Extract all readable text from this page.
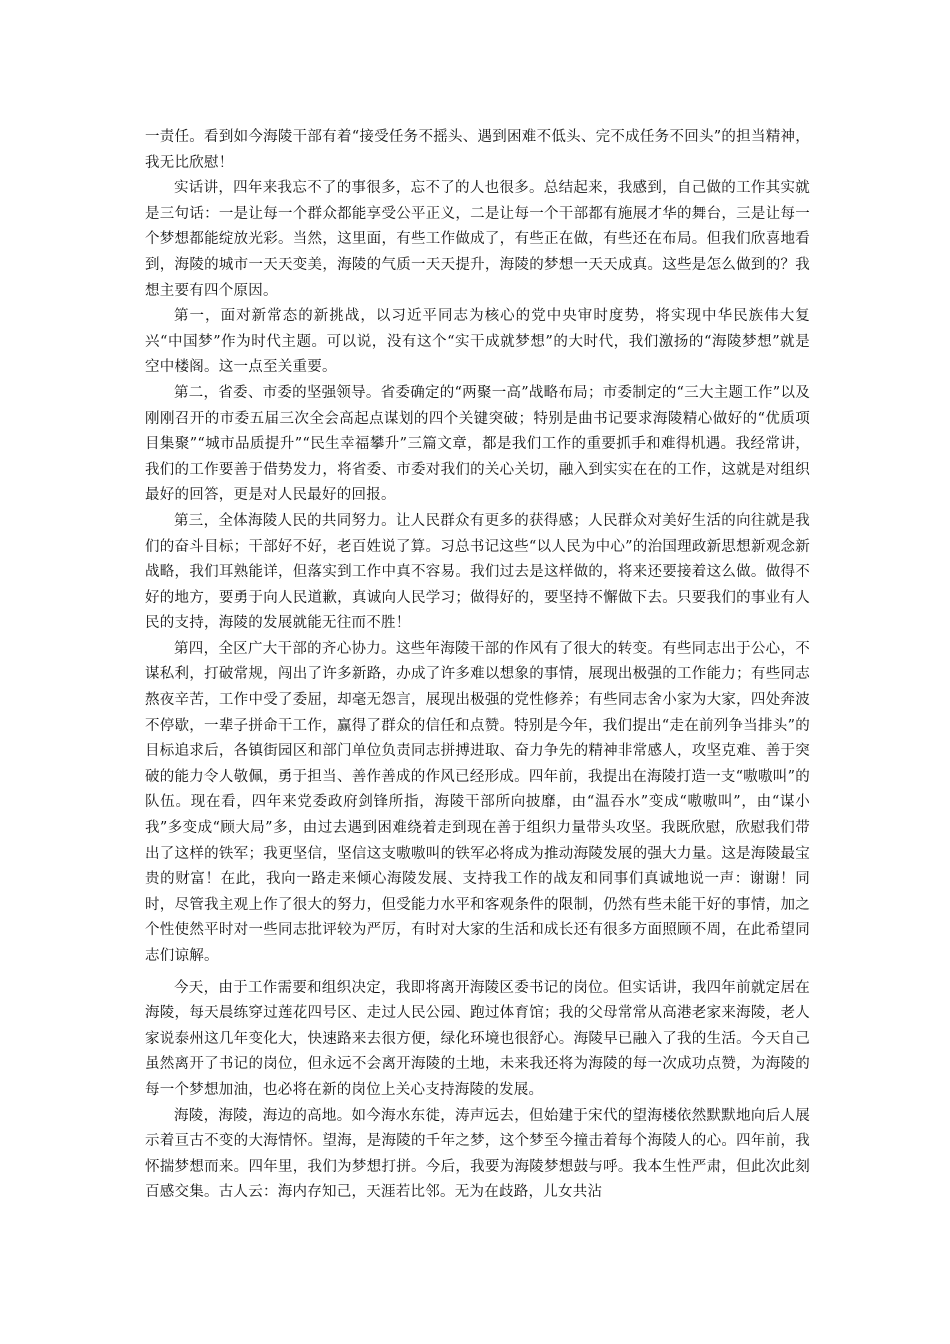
一责任。看到如今海陵干部有着“接受任务不摇头、遇到困难不低头、完不成任务不回头”的担当精神，我无比欣慰！

实话讲，四年来我忘不了的事很多，忘不了的人也很多。总结起来，我感到，自己做的工作其实就是三句话：一是让每一个群众都能享受公平正义，二是让每一个干部都有施展才华的舞台，三是让每一个梦想都能绽放光彩。当然，这里面，有些工作做成了，有些正在做，有些还在布局。但我们欣喜地看到，海陵的城市一天天变美，海陵的气质一天天提升，海陵的梦想一天天成真。这些是怎么做到的？我想主要有四个原因。

第一，面对新常态的新挑战，以习近平同志为核心的党中央审时度势，将实现中华民族伟大复兴“中国梦”作为时代主题。可以说，没有这个“实干成就梦想”的大时代，我们激扬的“海陵梦想”就是空中楼阁。这一点至关重要。

第二，省委、市委的坚强领导。省委确定的“两聚一高”战略布局；市委制定的“三大主题工作”以及刚刚召开的市委五届三次全会高起点谋划的四个关键突破；特别是曲书记要求海陵精心做好的“优质项目集聚”“城市品质提升”“民生幸福攀升”三篇文章，都是我们工作的重要抓手和难得机遇。我经常讲，我们的工作要善于借势发力，将省委、市委对我们的关心关切，融入到实实在在的工作，这就是对组织最好的回答，更是对人民最好的回报。

第三，全体海陵人民的共同努力。让人民群众有更多的获得感；人民群众对美好生活的向往就是我们的奋斗目标；干部好不好，老百姓说了算。习总书记这些“以人民为中心”的治国理政新思想新观念新战略，我们耳熟能详，但落实到工作中真不容易。我们过去是这样做的，将来还要接着这么做。做得不好的地方，要勇于向人民道歉，真诚向人民学习；做得好的，要坚持不懈做下去。只要我们的事业有人民的支持，海陵的发展就能无往而不胜！

第四，全区广大干部的齐心协力。这些年海陵干部的作风有了很大的转变。有些同志出于公心，不谋私利，打破常规，闯出了许多新路，办成了许多难以想象的事情，展现出极强的工作能力；有些同志熬夜辛苦，工作中受了委屈，却毫无怨言，展现出极强的党性修养；有些同志舍小家为大家，四处奔波不停歇，一辈子拼命干工作，赢得了群众的信任和点赞。特别是今年，我们提出“走在前列争当排头”的目标追求后，各镇街园区和部门单位负责同志拼搏进取、奋力争先的精神非常感人，攻坚克难、善于突破的能力令人敬佩，勇于担当、善作善成的作风已经形成。四年前，我提出在海陵打造一支“嗷嗷叫”的队伍。现在看，四年来党委政府剑锋所指，海陵干部所向披靡，由“温吞水”变成“嗷嗷叫”，由“谋小我”多变成“顾大局”多，由过去遇到困难绕着走到现在善于组织力量带头攻坚。我既欣慰，欣慰我们带出了这样的铁军；我更坚信，坚信这支嗷嗷叫的铁军必将成为推动海陵发展的强大力量。这是海陵最宝贵的财富！在此，我向一路走来倾心海陵发展、支持我工作的战友和同事们真诚地说一声：谢谢！同时，尽管我主观上作了很大的努力，但受能力水平和客观条件的限制，仍然有些未能干好的事情，加之个性使然平时对一些同志批评较为严厉，有时对大家的生活和成长还有很多方面照顾不周，在此希望同志们谅解。

今天，由于工作需要和组织决定，我即将离开海陵区委书记的岗位。但实话讲，我四年前就定居在海陵，每天晨练穿过莲花四号区、走过人民公园、跑过体育馆；我的父母常常从高港老家来海陵，老人家说泰州这几年变化大，快速路来去很方便，绿化环境也很舒心。海陵早已融入了我的生活。今天自己虽然离开了书记的岗位，但永远不会离开海陵的土地，未来我还将为海陵的每一次成功点赞，为海陵的每一个梦想加油，也必将在新的岗位上关心支持海陵的发展。

海陵，海陵，海边的高地。如今海水东徙，涛声远去，但始建于宋代的望海楼依然默默地向后人展示着亘古不变的大海情怀。望海，是海陵的千年之梦，这个梦至今撞击着每个海陵人的心。四年前，我怀揣梦想而来。四年里，我们为梦想打拼。今后，我要为海陵梦想鼓与呼。我本生性严肃，但此次此刻百感交集。古人云：海内存知己，天涯若比邻。无为在歧路，儿女共沾
